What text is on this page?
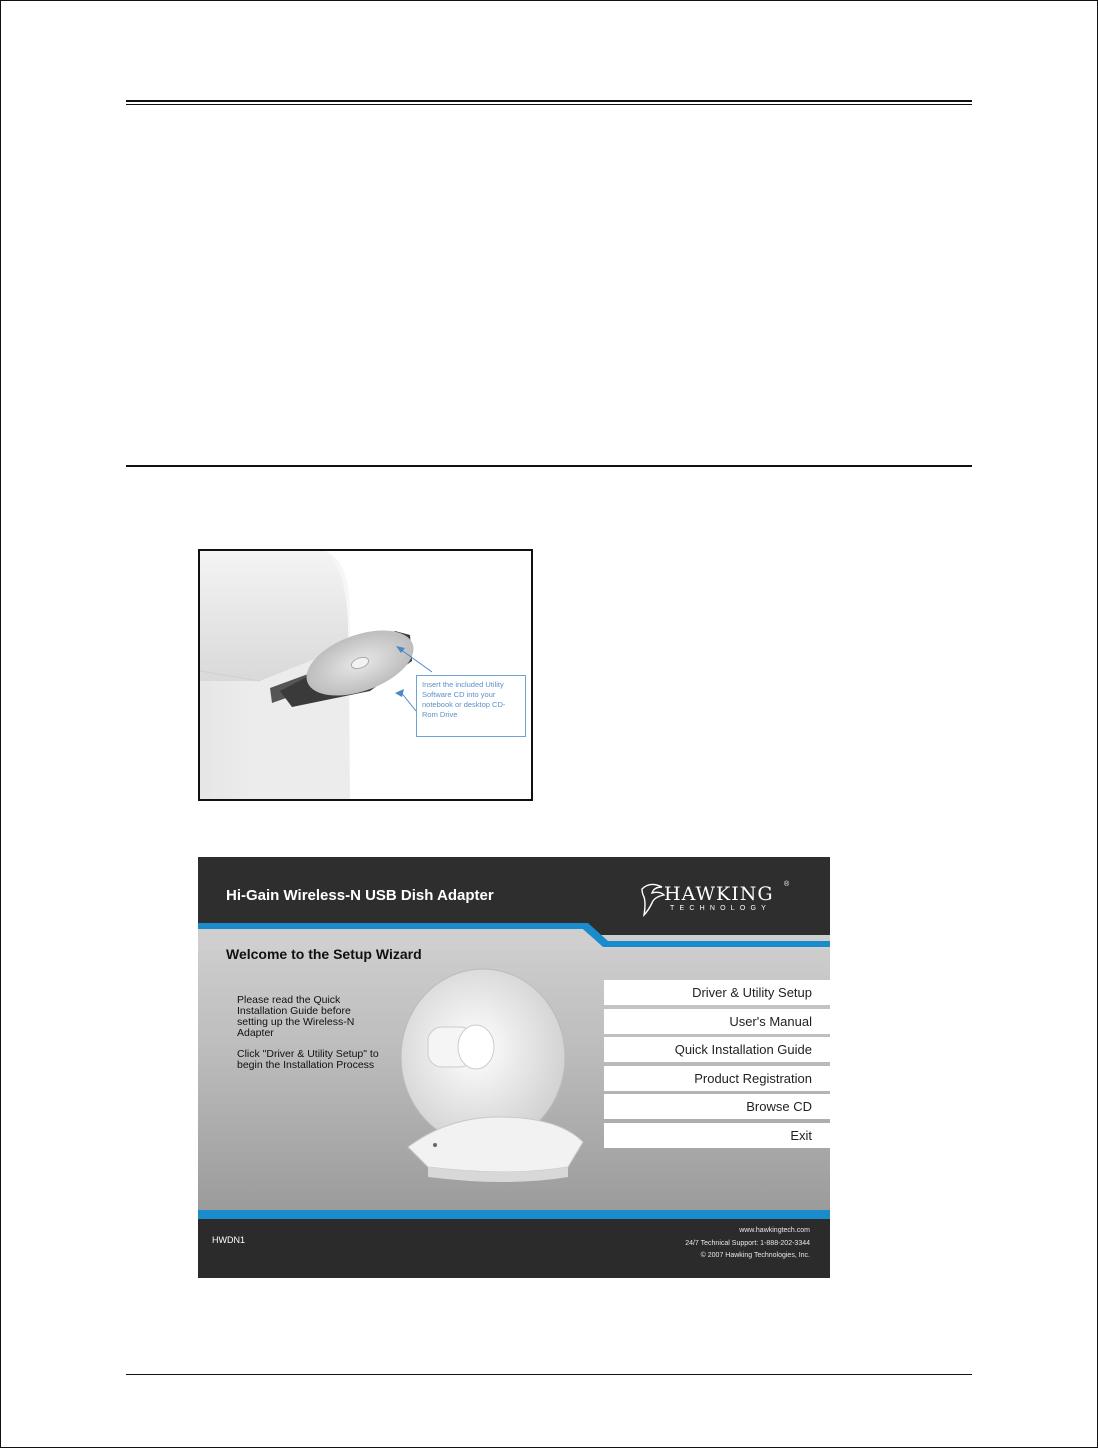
Insert the included Utility Software CD into your notebook or desktop CD-Rom Drive
Hi-Gain Wireless-N USB Dish Adapter	HAWKING ®
TECHNOLOGY
Welcome to the Setup Wizard
Please read the Quick Installation Guide before setting up the Wireless-N Adapter
Click "Driver & Utility Setup" to begin the Installation Process
Driver & Utility Setup
User's Manual
Quick Installation Guide
Product Registration
Browse CD
Exit
HWDN1
www.hawkingtech.com
24/7 Technical Support: 1-888-202-3344
© 2007 Hawking Technologies, Inc.
